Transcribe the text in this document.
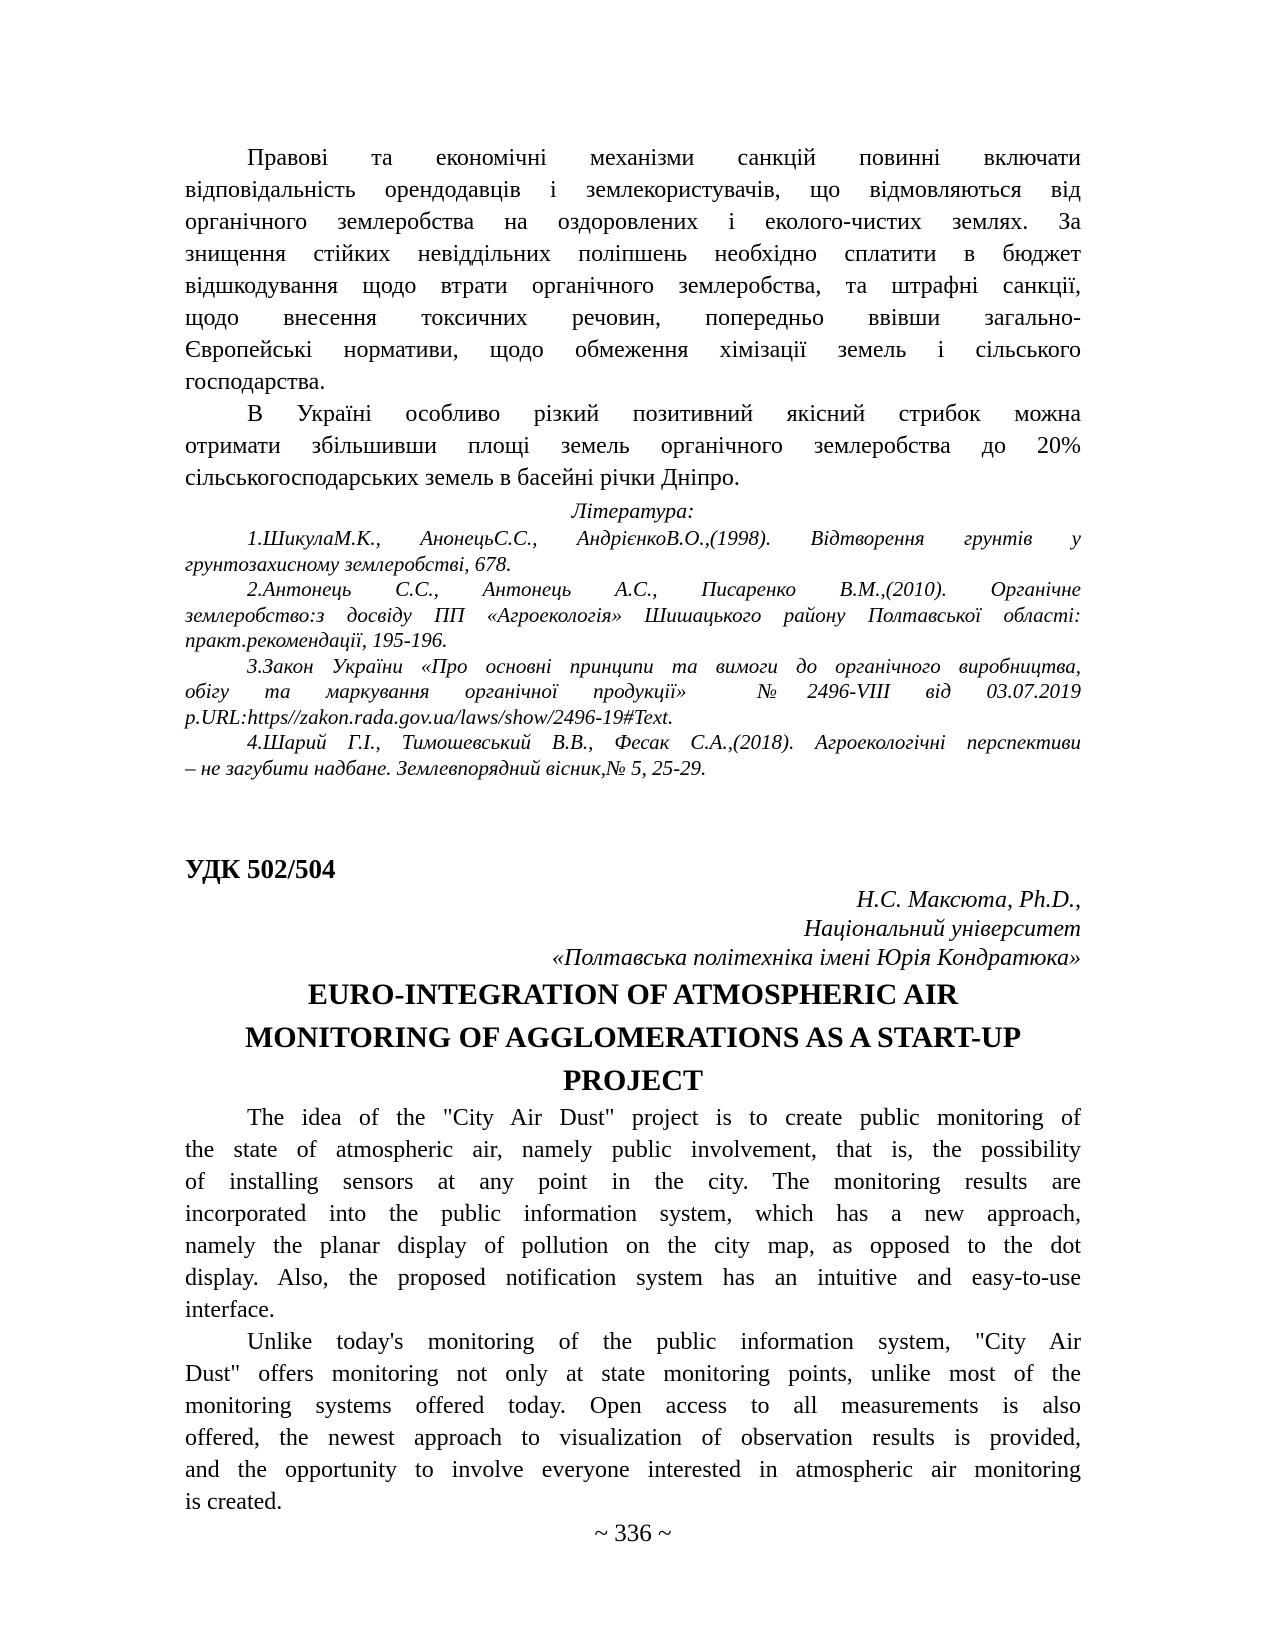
Правові та економічні механізми санкцій повинні включати
відповідальність орендодавців і землекористувачів, що відмовляються від
органічного землеробства на оздоровлених і еколого-чистих землях. За
знищення стійких невіддільних поліпшень необхідно сплатити в бюджет
відшкодування щодо втрати органічного землеробства, та штрафні санкції,
щодо внесення токсичних речовин, попередньо ввівши загально-
Європейські нормативи, щодо обмеження хімізації земель і сільського
господарства.
В Україні особливо різкий позитивний якісний стрибок можна
отримати збільшивши площі земель органічного землеробства до 20%
сільськогосподарських земель в басейні річки Дніпро.
Література:
1.ШикулаМ.К., АнонецьС.С., АндрієнкоВ.О.,(1998). Відтворення грунтів у
грунтозахисному землеробстві, 678.
2.Антонець С.С., Антонець А.С., Писаренко В.М.,(2010). Органічне
землеробство:з досвіду ПП «Агроекологія» Шишацького району Полтавської області:
практ.рекомендації, 195-196.
3.Закон України «Про основні принципи та вимоги до органічного виробництва,
обігу та маркування органічної продукції»  №2496-VIII від 03.07.2019
р.URL:https//zakon.rada.gov.ua/laws/show/2496-19#Text.
4.Шарий Г.І., Тимошевський В.В., Фесак С.А.,(2018). Агроекологічні перспективи
– не загубити надбане. Землевпорядний вісник,№ 5, 25-29.
УДК 502/504
Н.С. Максюта, Ph.D.,
Національний університет
«Полтавська політехніка імені Юрія Кондратюка»
EURO-INTEGRATION OF ATMOSPHERIC AIR
MONITORING OF AGGLOMERATIONS AS A START-UP
PROJECT
The idea of the "City Air Dust" project is to create public monitoring of
the state of atmospheric air, namely public involvement, that is, the possibility
of installing sensors at any point in the city. The monitoring results are
incorporated into the public information system, which has a new approach,
namely the planar display of pollution on the city map, as opposed to the dot
display. Also, the proposed notification system has an intuitive and easy-to-use
interface.
Unlike today's monitoring of the public information system, "City Air
Dust" offers monitoring not only at state monitoring points, unlike most of the
monitoring systems offered today. Open access to all measurements is also
offered, the newest approach to visualization of observation results is provided,
and the opportunity to involve everyone interested in atmospheric air monitoring
is created.
~ 336 ~
